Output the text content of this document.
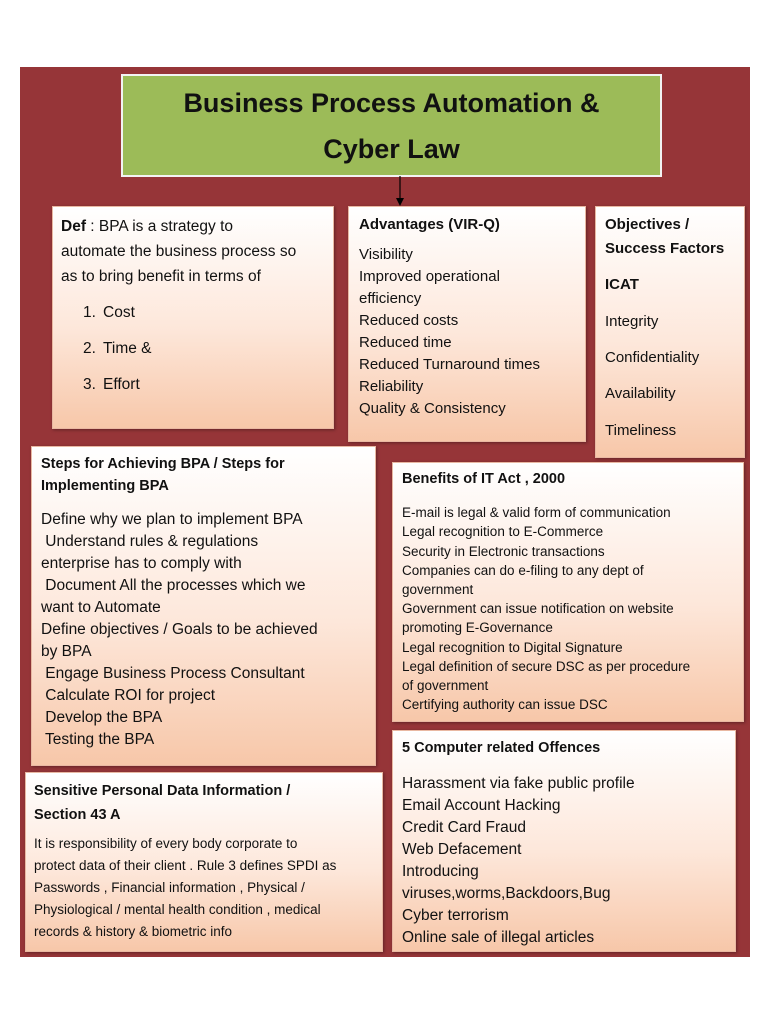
Business Process Automation &
Cyber Law
Def : BPA is a strategy to
automate the business process so
as to bring benefit in terms of
1. Cost
2. Time &
3. Effort
Advantages (VIR-Q)
Visibility
Improved operational
efficiency
Reduced costs
Reduced time
Reduced Turnaround times
Reliability
Quality & Consistency
Objectives /
Success Factors
ICAT
Integrity
Confidentiality
Availability
Timeliness
Steps for Achieving BPA / Steps for
Implementing BPA
Define why we plan to implement BPA
Understand rules & regulations
enterprise has to comply with
Document All the processes which we
want to Automate
Define objectives / Goals to be achieved
by BPA
Engage Business Process Consultant
Calculate ROI for project
Develop the BPA
Testing the BPA
Benefits of IT Act , 2000
E-mail is legal & valid form of communication
Legal recognition to E-Commerce
Security in Electronic transactions
Companies can do e-filing to any dept of
government
Government can issue notification on website
promoting E-Governance
Legal recognition to Digital Signature
Legal definition of secure DSC as per procedure
of government
Certifying authority can issue DSC
Sensitive Personal Data Information /
Section 43 A
It is responsibility of every body corporate to
protect data of their client . Rule 3 defines SPDI as
Passwords , Financial information , Physical /
Physiological / mental health condition , medical
records & history & biometric info
5 Computer related Offences
Harassment via fake public profile
Email Account Hacking
Credit Card Fraud
Web Defacement
Introducing
viruses,worms,Backdoors,Bug
Cyber terrorism
Online sale of illegal articles
